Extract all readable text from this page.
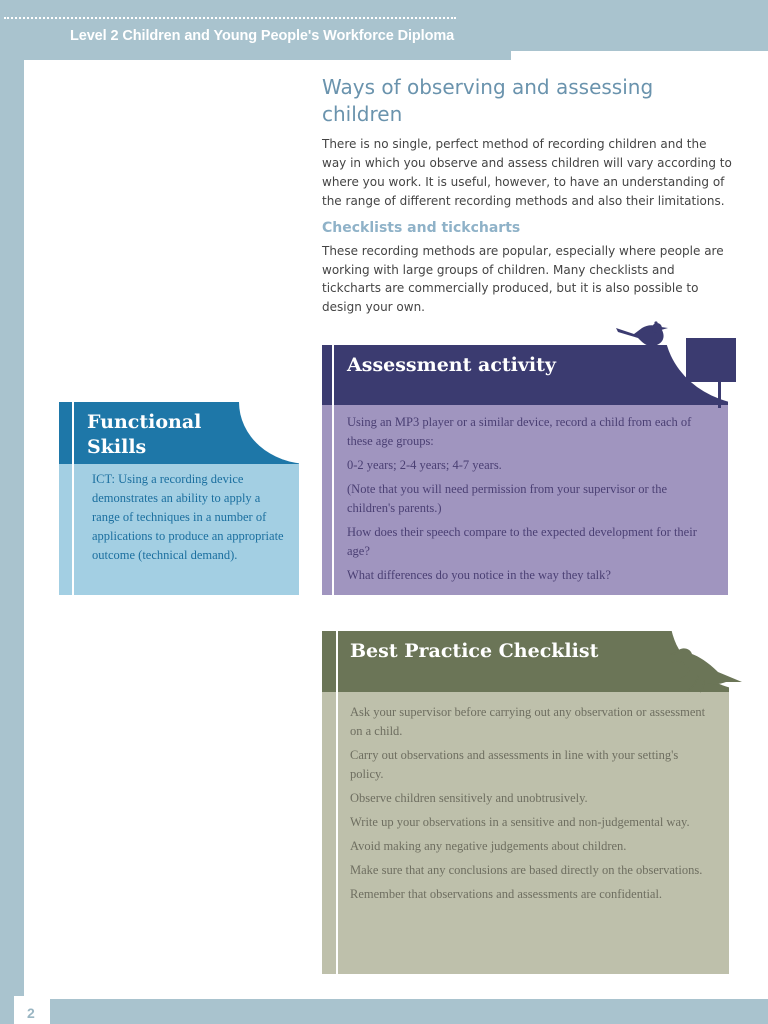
Level 2 Children and Young People's Workforce Diploma
2
Ways of observing and assessing children
There is no single, perfect method of recording children and the way in which you observe and assess children will vary according to where you work. It is useful, however, to have an understanding of the range of different recording methods and also their limitations.
Checklists and tickcharts
These recording methods are popular, especially where people are working with large groups of children. Many checklists and tickcharts are commercially produced, but it is also possible to design your own.
Functional Skills
ICT: Using a recording device demonstrates an ability to apply a range of techniques in a number of applications to produce an appropriate outcome (technical demand).
Assessment activity

Using an MP3 player or a similar device, record a child from each of these age groups:

0-2 years; 2-4 years; 4-7 years.

(Note that you will need permission from your supervisor or the children's parents.)

How does their speech compare to the expected development for their age?

What differences do you notice in the way they talk?

Best Practice Checklist

Ask your supervisor before carrying out any observation or assessment on a child.

Carry out observations and assessments in line with your setting's policy.

Observe children sensitively and unobtrusively.

Write up your observations in a sensitive and non-judgemental way.

Avoid making any negative judgements about children.

Make sure that any conclusions are based directly on the observations.

Remember that observations and assessments are confidential.
